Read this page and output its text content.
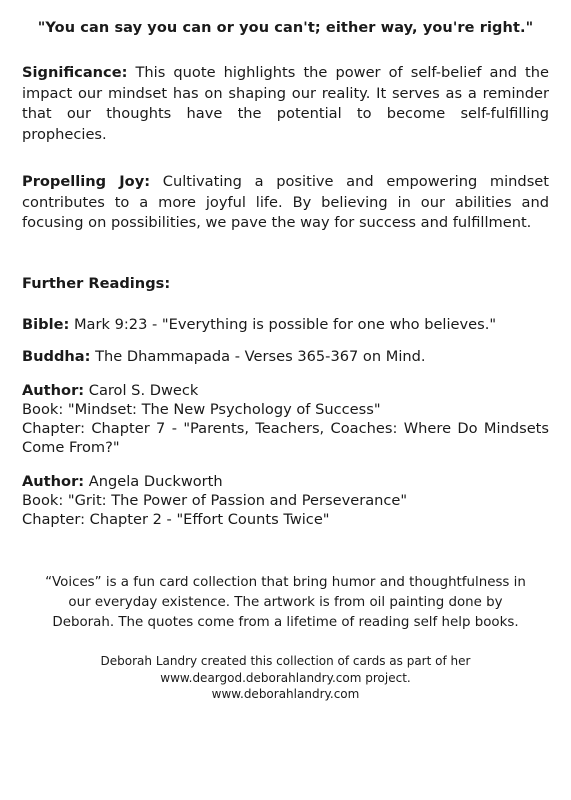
"You can say you can or you can't; either way, you're right."
Significance: This quote highlights the power of self-belief and the impact our mindset has on shaping our reality. It serves as a reminder that our thoughts have the potential to become self-fulfilling prophecies.
Propelling Joy: Cultivating a positive and empowering mindset contributes to a more joyful life. By believing in our abilities and focusing on possibilities, we pave the way for success and fulfillment.
Further Readings:
Bible: Mark 9:23 - "Everything is possible for one who believes."
Buddha: The Dhammapada - Verses 365-367 on Mind.
Author: Carol S. Dweck
Book: "Mindset: The New Psychology of Success"
Chapter: Chapter 7 - "Parents, Teachers, Coaches: Where Do Mindsets Come From?"
Author: Angela Duckworth
Book: "Grit: The Power of Passion and Perseverance"
Chapter: Chapter 2 - "Effort Counts Twice"
“Voices” is a fun card collection that bring humor and thoughtfulness in
our everyday existence. The artwork is from oil painting done by
Deborah. The quotes come from a lifetime of reading self help books.
Deborah Landry created this collection of cards as part of her
www.deargod.deborahlandry.com project.
www.deborahlandry.com
